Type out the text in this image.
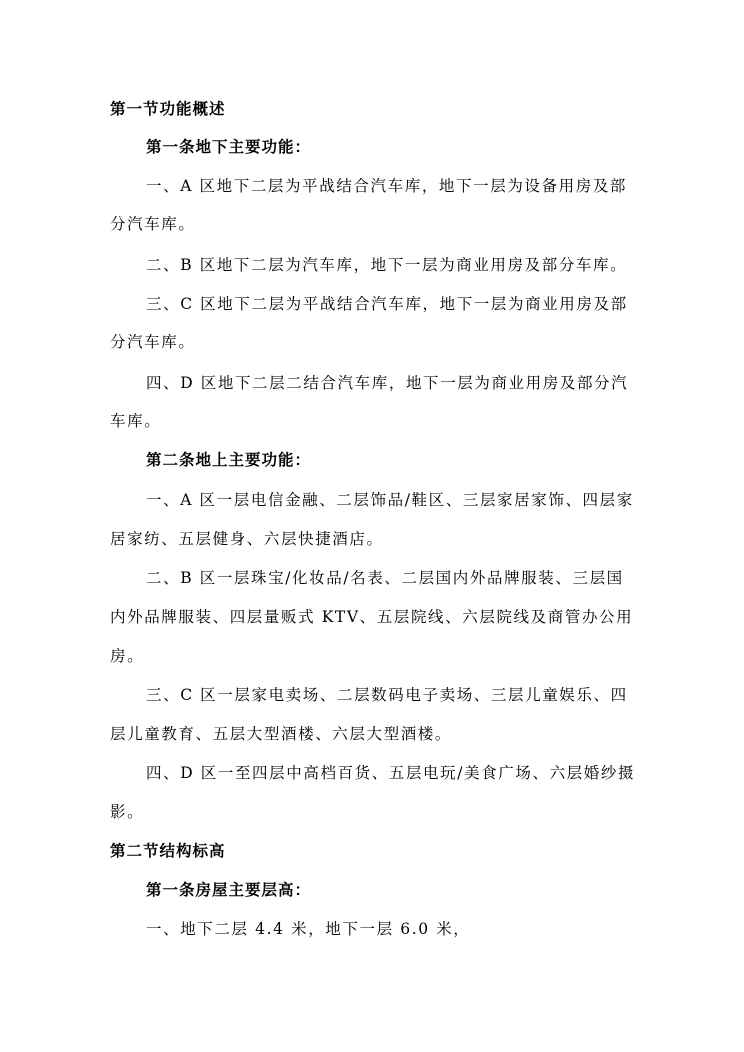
第一节功能概述
第一条地下主要功能：
一、A 区地下二层为平战结合汽车库，地下一层为设备用房及部
分汽车库。
二、B 区地下二层为汽车库，地下一层为商业用房及部分车库。
三、C 区地下二层为平战结合汽车库，地下一层为商业用房及部
分汽车库。
四、D 区地下二层二结合汽车库，地下一层为商业用房及部分汽
车库。
第二条地上主要功能：
一、A 区一层电信金融、二层饰品/鞋区、三层家居家饰、四层家
居家纺、五层健身、六层快捷酒店。
二、B 区一层珠宝/化妆品/名表、二层国内外品牌服装、三层国
内外品牌服装、四层量贩式 KTV、五层院线、六层院线及商管办公用
房。
三、C 区一层家电卖场、二层数码电子卖场、三层儿童娱乐、四
层儿童教育、五层大型酒楼、六层大型酒楼。
四、D 区一至四层中高档百货、五层电玩/美食广场、六层婚纱摄
影。
第二节结构标高
第一条房屋主要层高：
一、地下二层 4.4 米，地下一层 6.0 米，
